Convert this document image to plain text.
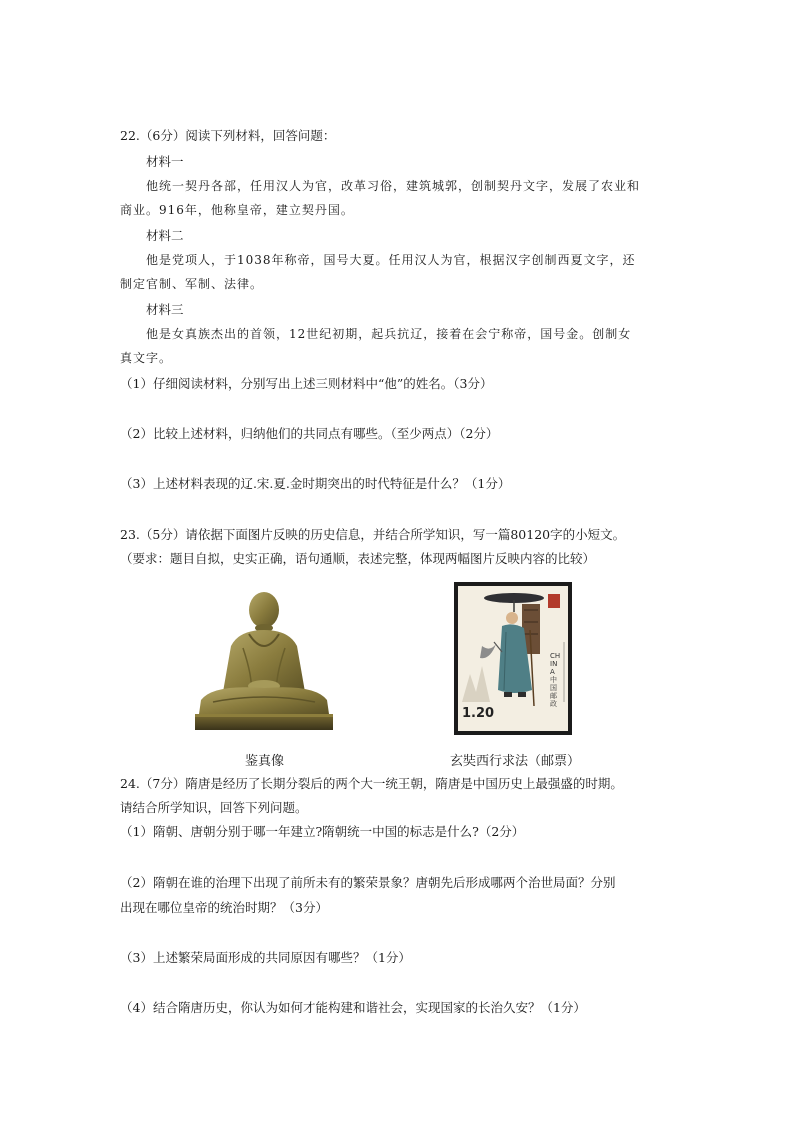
22.（6分）阅读下列材料，回答问题：
材料一
他统一契丹各部，任用汉人为官，改革习俗，建筑城郭，创制契丹文字，发展了农业和
商业。916年，他称皇帝，建立契丹国。
材料二
他是党项人，于1038年称帝，国号大夏。任用汉人为官，根据汉字创制西夏文字，还
制定官制、军制、法律。
材料三
他是女真族杰出的首领，12世纪初期，起兵抗辽，接着在会宁称帝，国号金。创制女
真文字。
（1）仔细阅读材料，分别写出上述三则材料中“他”的姓名。（3分）
（2）比较上述材料，归纳他们的共同点有哪些。（至少两点）（2分）
（3）上述材料表现的辽.宋.夏.金时期突出的时代特征是什么？（1分）
23.（5分）请依据下面图片反映的历史信息，并结合所学知识，写一篇80120字的小短文。
（要求：题目自拟，史实正确，语句通顺，表述完整，体现两幅图片反映内容的比较）
1.20
CHINA 中国邮政
鉴真像	玄奘西行求法（邮票）
24.（7分）隋唐是经历了长期分裂后的两个大一统王朝，隋唐是中国历史上最强盛的时期。
请结合所学知识，回答下列问题。
（1）隋朝、唐朝分别于哪一年建立?隋朝统一中国的标志是什么?（2分）
（2）隋朝在谁的治理下出现了前所未有的繁荣景象？唐朝先后形成哪两个治世局面？分别
出现在哪位皇帝的统治时期？（3分）
（3）上述繁荣局面形成的共同原因有哪些？（1分）
（4）结合隋唐历史，你认为如何才能构建和谐社会，实现国家的长治久安？（1分）
